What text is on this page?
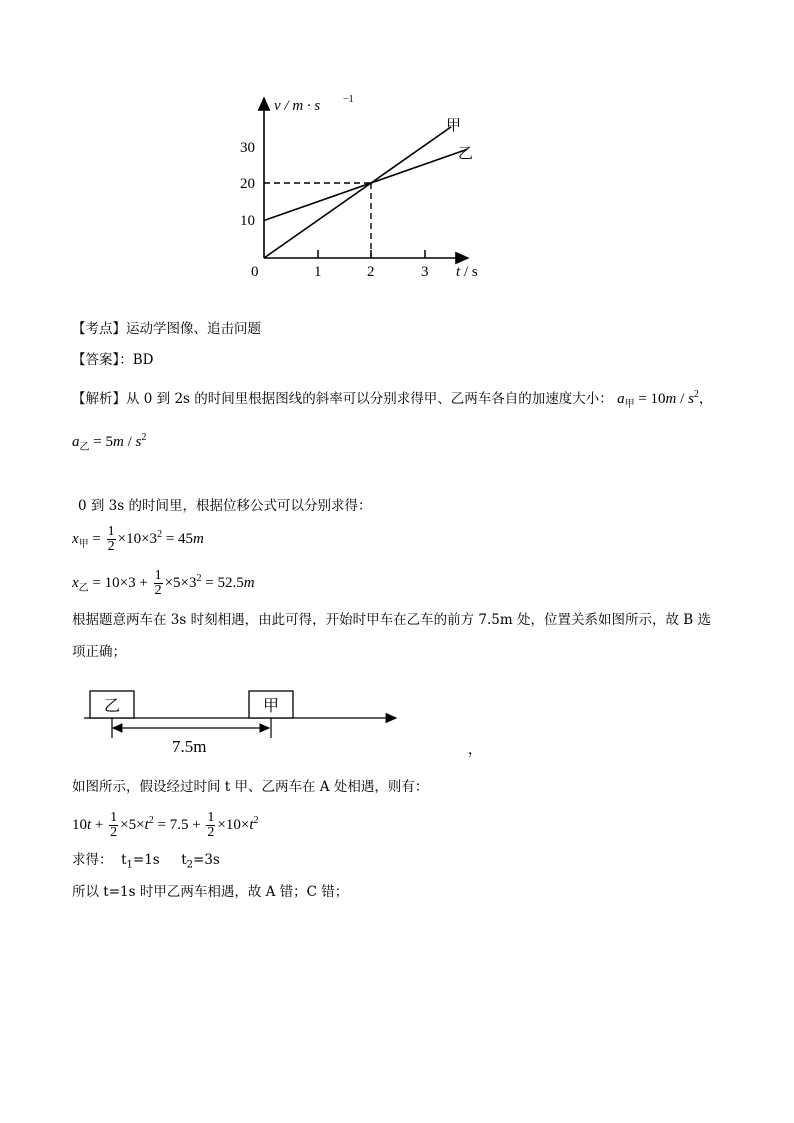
v / m · s −1
30
20
10
0	1	2	3 t / s
甲
乙
【考点】运动学图像、追击问题
【答案】：BD
【解析】从 0 到 2s 的时间里根据图线的斜率可以分别求得甲、乙两车各自的加速度大小： $a_甲 = 10m / s^2$，
$a_乙 = 5m / s^2$
0 到 3s 的时间里，根据位移公式可以分别求得：
$x_甲 = \frac{1}{2} \times 10\times 3^2 = 45m$
$x_乙 = 10\times 3 + \frac{1}{2} \times 5\times 3^2 = 52.5m$
根据题意两车在 3s 时刻相遇，由此可得，开始时甲车在乙车的前方 7.5m 处，位置关系如图所示，故 B 选
项正确；
乙	甲
7.5m	，
如图所示，假设经过时间 t 甲、乙两车在 A 处相遇，则有：
$10t + \frac{1}{2} \times 5\times t^2 = 7.5 + \frac{1}{2} \times 10\times t^2$
求得： $t_1=1s$ $t_2=3s$
所以 t=1s 时甲乙两车相遇，故 A 错；C 错；
